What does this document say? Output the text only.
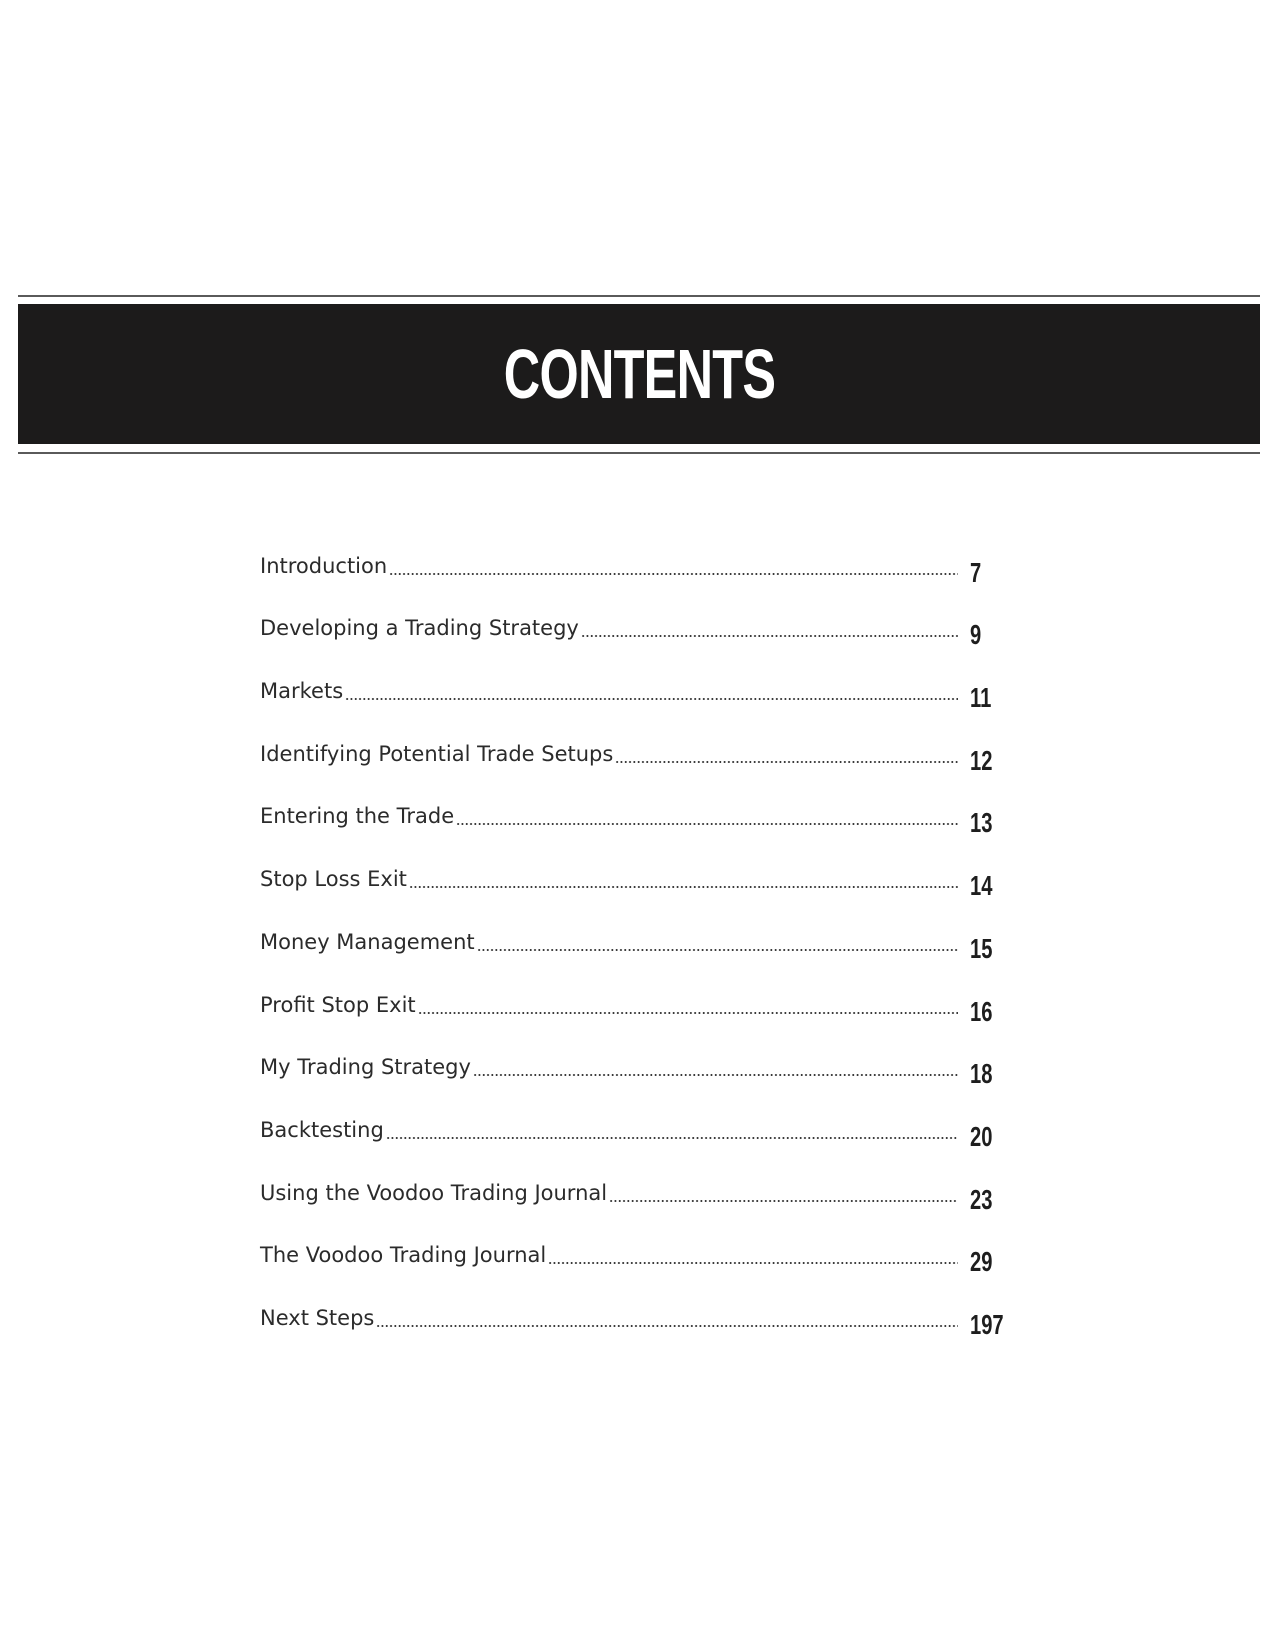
CONTENTS
Introduction	7
Developing a Trading Strategy	9
Markets	11
Identifying Potential Trade Setups	12
Entering the Trade	13
Stop Loss Exit	14
Money Management	15
Profit Stop Exit	16
My Trading Strategy	18
Backtesting	20
Using the Voodoo Trading Journal	23
The Voodoo Trading Journal	29
Next Steps	197
